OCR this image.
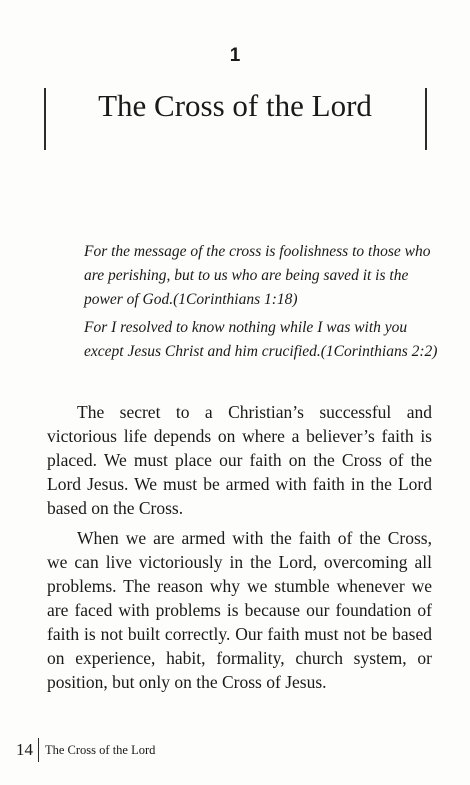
1
The Cross of the Lord
For the message of the cross is foolishness to those who are perishing, but to us who are being saved it is the power of God.(1Corinthians 1:18)
For I resolved to know nothing while I was with you except Jesus Christ and him crucified.(1Corinthians 2:2)
The secret to a Christian’s successful and victorious life depends on where a believer’s faith is placed. We must place our faith on the Cross of the Lord Jesus. We must be armed with faith in the Lord based on the Cross.
When we are armed with the faith of the Cross, we can live victoriously in the Lord, overcoming all problems. The reason why we stumble whenever we are faced with problems is because our foundation of faith is not built correctly. Our faith must not be based on experience, habit, formality, church system, or position, but only on the Cross of Jesus.
14 The Cross of the Lord
